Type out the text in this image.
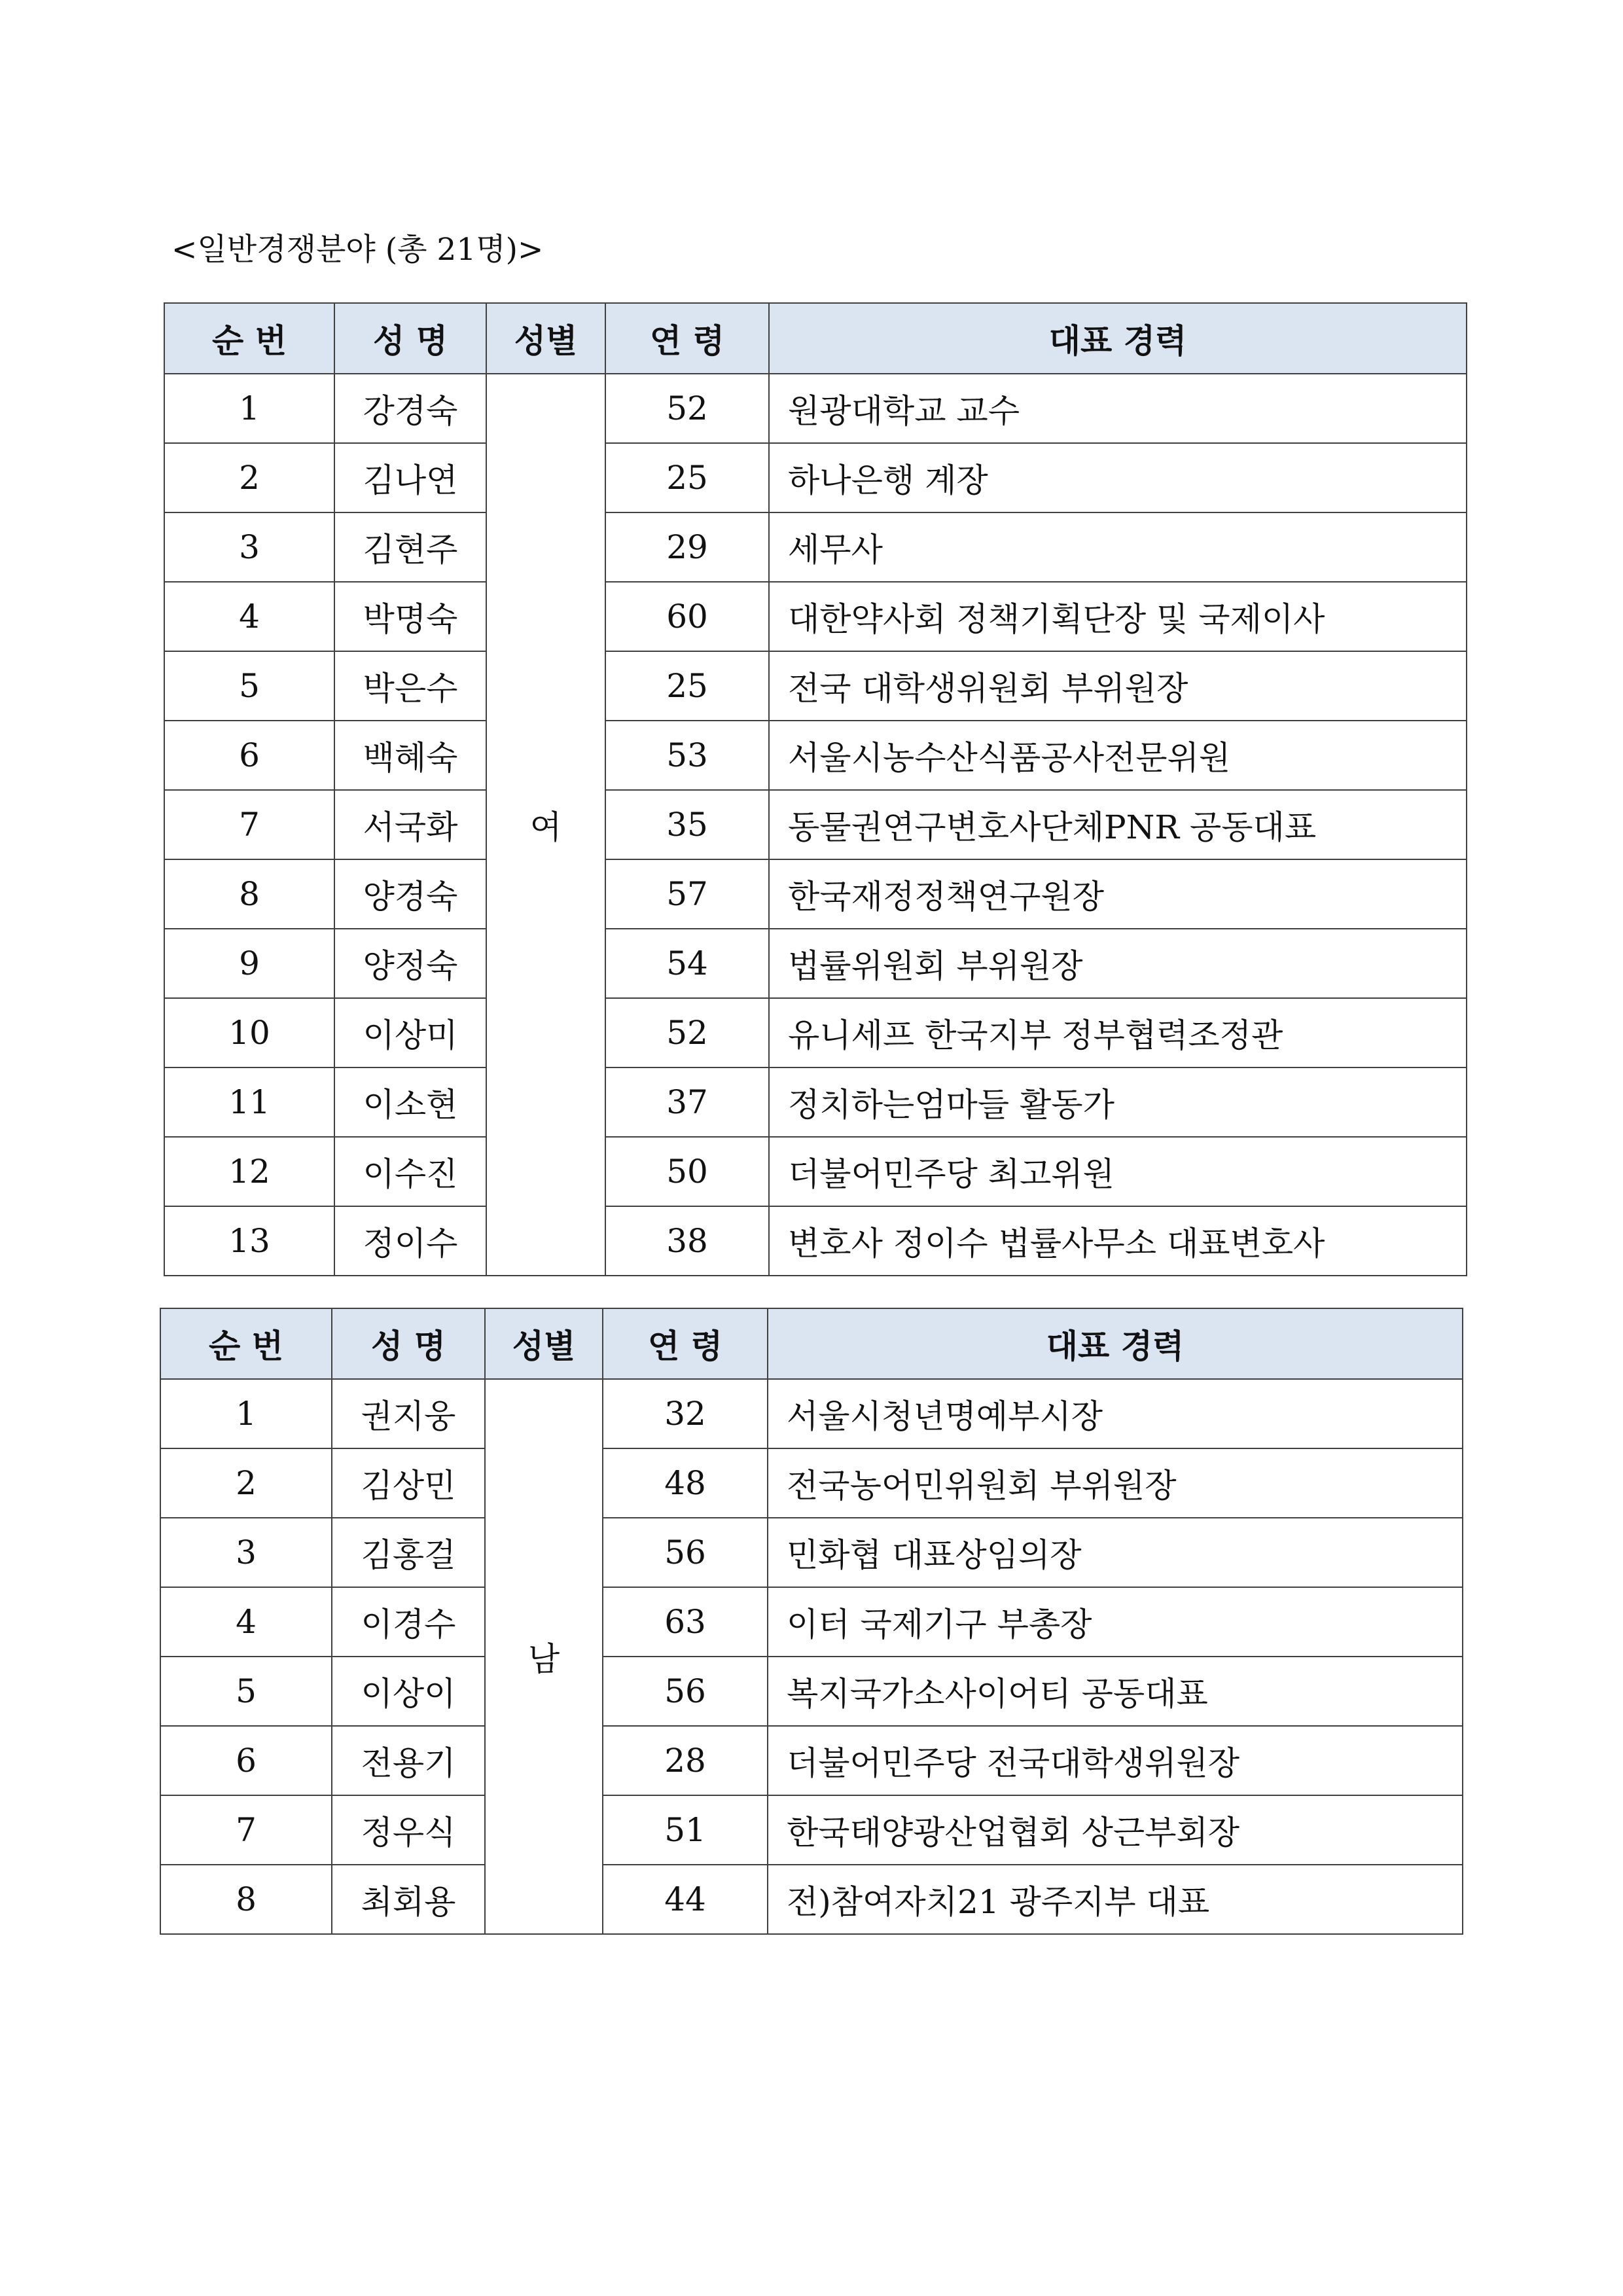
<일반경쟁분야 (총 21명)>
순 번	성 명	성별	연 령	대표 경력
1	강경숙	여	52	원광대학교 교수
2	김나연		25	하나은행 계장
3	김현주		29	세무사
4	박명숙		60	대한약사회 정책기획단장 및 국제이사
5	박은수		25	전국 대학생위원회 부위원장
6	백혜숙		53	서울시농수산식품공사전문위원
7	서국화		35	동물권연구변호사단체PNR 공동대표
8	양경숙		57	한국재정정책연구원장
9	양정숙		54	법률위원회 부위원장
10	이상미		52	유니세프 한국지부 정부협력조정관
11	이소현		37	정치하는엄마들 활동가
12	이수진		50	더불어민주당 최고위원
13	정이수		38	변호사 정이수 법률사무소 대표변호사
순 번	성 명	성별	연 령	대표 경력
1	권지웅	남	32	서울시청년명예부시장
2	김상민		48	전국농어민위원회 부위원장
3	김홍걸		56	민화협 대표상임의장
4	이경수		63	이터 국제기구 부총장
5	이상이		56	복지국가소사이어티 공동대표
6	전용기		28	더불어민주당 전국대학생위원장
7	정우식		51	한국태양광산업협회 상근부회장
8	최회용		44	전)참여자치21 광주지부 대표
